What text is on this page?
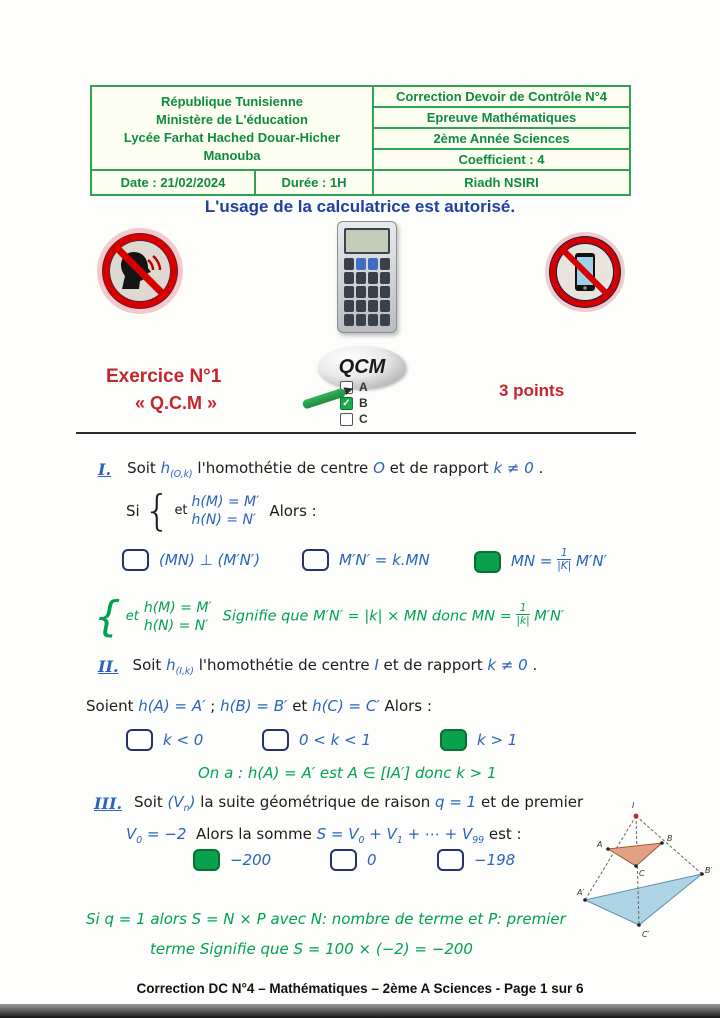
République Tunisienne
Ministère de L'éducation
Lycée Farhat Hached Douar-Hicher
Manouba
Correction Devoir de Contrôle N°4
Epreuve Mathématiques
2ème Année Sciences
Coefficient : 4
Date : 21/02/2024	Durée : 1H	Riadh NSIRI
L'usage de la calculatrice est autorisé.
Exercice N°1
« Q.C.M »
3 points
QCM
A
✓ B
C
I. Soit $h_{(O,k)}$ l'homothétie de centre O et de rapport k ≠ 0 .
Si { et
h(M) = M′
h(N) = N′ Alors :
(MN) ⊥ (M′N′)	M′N′ = k.MN	MN = $\frac{1}{|K|} M'N'$
{ et
h(M) = M′
h(N) = N′
Signifie que M′N′ = |k| × MN donc MN = $\frac{1}{|k|} M'N'$
II. Soit $h_{(I,k)}$ l'homothétie de centre I et de rapport k ≠ 0 .
Soient h(A) = A′ ; h(B) = B′ et h(C) = C′ Alors :
k < 0	0 < k < 1	k > 1
On a : h(A) = A′ est A ∈ [IA′] donc k > 1
III. Soit $(V_n)$ la suite géométrique de raison q = 1 et de premier
$V_0 = -2$  Alors la somme $S = V_0 + V_1$ + ⋯ + $V_{99}$ est :
−200	0	−198
I
A
B
C
A′
B′
C′
Si q = 1 alors S = N × P avec N: nombre de terme et P: premier
terme Signifie que S = 100 × (−2) = −200
Correction DC N°4 – Mathématiques – 2ème A Sciences - Page 1 sur 6
